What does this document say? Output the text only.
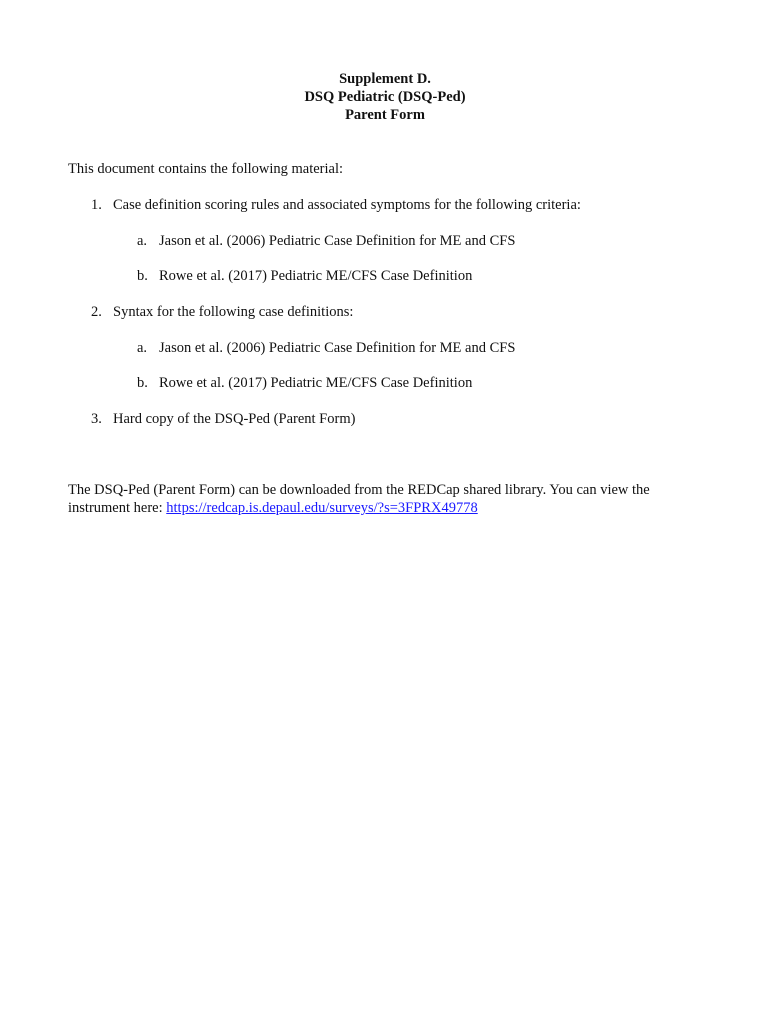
Supplement D.
DSQ Pediatric (DSQ-Ped)
Parent Form
This document contains the following material:
1. Case definition scoring rules and associated symptoms for the following criteria:
a. Jason et al. (2006) Pediatric Case Definition for ME and CFS
b. Rowe et al. (2017) Pediatric ME/CFS Case Definition
2. Syntax for the following case definitions:
a. Jason et al. (2006) Pediatric Case Definition for ME and CFS
b. Rowe et al. (2017) Pediatric ME/CFS Case Definition
3. Hard copy of the DSQ-Ped (Parent Form)
The DSQ-Ped (Parent Form) can be downloaded from the REDCap shared library. You can view the
instrument here: https://redcap.is.depaul.edu/surveys/?s=3FPRX49778
